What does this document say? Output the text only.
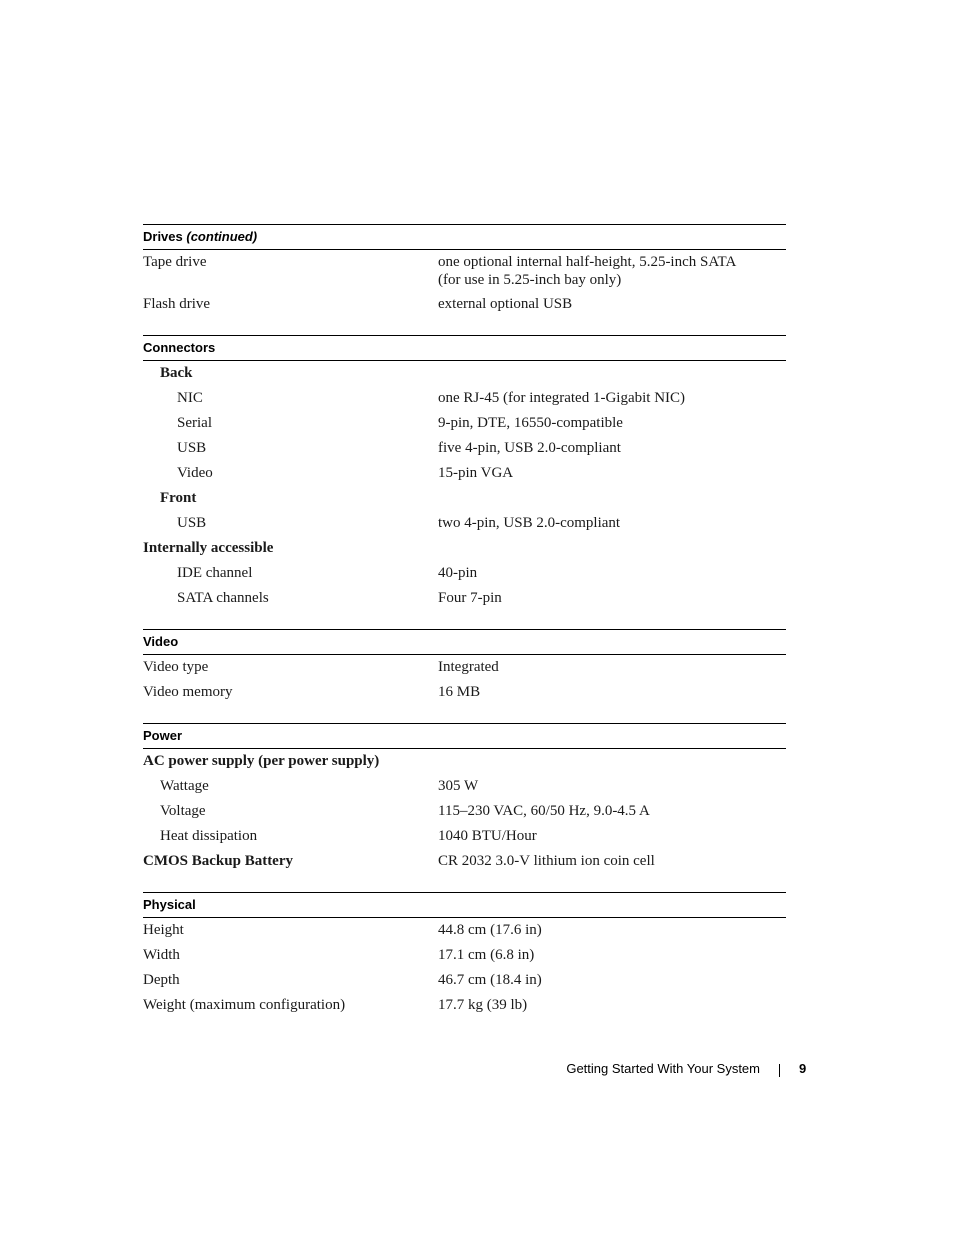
Drives (continued)
Tape drive	one optional internal half-height, 5.25-inch SATA
(for use in 5.25-inch bay only)
Flash drive	external optional USB
Connectors
Back
NIC	one RJ-45 (for integrated 1-Gigabit NIC)
Serial	9-pin, DTE, 16550-compatible
USB	five 4-pin, USB 2.0-compliant
Video	15-pin VGA
Front
USB	two 4-pin, USB 2.0-compliant
Internally accessible
IDE channel	40-pin
SATA channels	Four 7-pin
Video
Video type	Integrated
Video memory	16 MB
Power
AC power supply (per power supply)
Wattage	305 W
Voltage	115–230 VAC, 60/50 Hz, 9.0-4.5 A
Heat dissipation	1040 BTU/Hour
CMOS Backup Battery	CR 2032 3.0-V lithium ion coin cell
Physical
Height	44.8 cm (17.6 in)
Width	17.1 cm (6.8 in)
Depth	46.7 cm (18.4 in)
Weight (maximum configuration)	17.7 kg (39 lb)
Getting Started With Your System	9
